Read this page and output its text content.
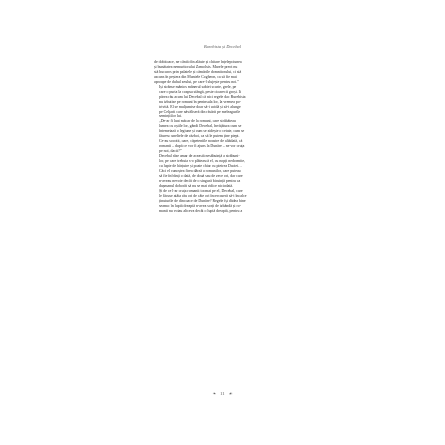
Burebista și Decebal
de dobitoace, ne cântă din alăute și chitare înțelepciunea
și bunătatea nemuritorului Zamolxis. Marele preot nu
stă bucuros prin palatele și cămările domnitorului, ci stă
ascuns în peștera din Muntele Cogheon, ca să fie mai
aproape de duhul zeului, pe care-l slujește pentru noi.”
Își strânse mânios mânerul sabiei scurte, grele, pe
care o purta la coapsa stângă, peste cioarecii groși. Îi
părea rău acum lui Decebal că nici regele dac Burebista
nu izbutise pe romani în peninsula lor, la vremea po-
trivită. El se mulțumise doar să-i ucidă și să-i alunge
pe Celţarii care năvăliseră din răsărit pe meleagurile
semințiilor lui.
„De-ar fi luat măcar de la romani, care străbăteau
lumea cu oștile lor, gândi Decebal, învățătura cum se
întemeiază o legiune și cum se zidește o cetate, cum se
făuresc uneltele de război, ca să le putem ține piept.
Ce-au socotit, oare, căpeteniile noastre de altădată, că
romanii – după ce vor fi ajuns la Dunăre – ne vor cruța
pe noi, dacii?”
Decebal râse amar de această nesăbuință a străbuni-
lor, pe care trebuia s-o plătească el, cu nopți nedormite,
cu lupte de hărțuire și poate chiar cu pieirea Daciei…
Căci el cunoștea firea dârză a romanilor, care puteau
să fie înfrânți o dată, de două sau de zece ori, dar care
n-aveau nevoie decât de o singură biruință pentru ca
dușmanul doborât să nu se mai ridice niciodată.
Și de ce l-ar cruța romanii tocmai pe el, Decebal, care
le făcuse atâta rău ori de câte ori încercaseră să-i încalce
ținuturile de dincoace de Dunăre? Regele își dădea bine
seama: în luptă dreaptă n-avea sorți de izbândă și ro-
manii nu voiau altceva decât o luptă dreaptă, pentru a
❧ 11 ☙
